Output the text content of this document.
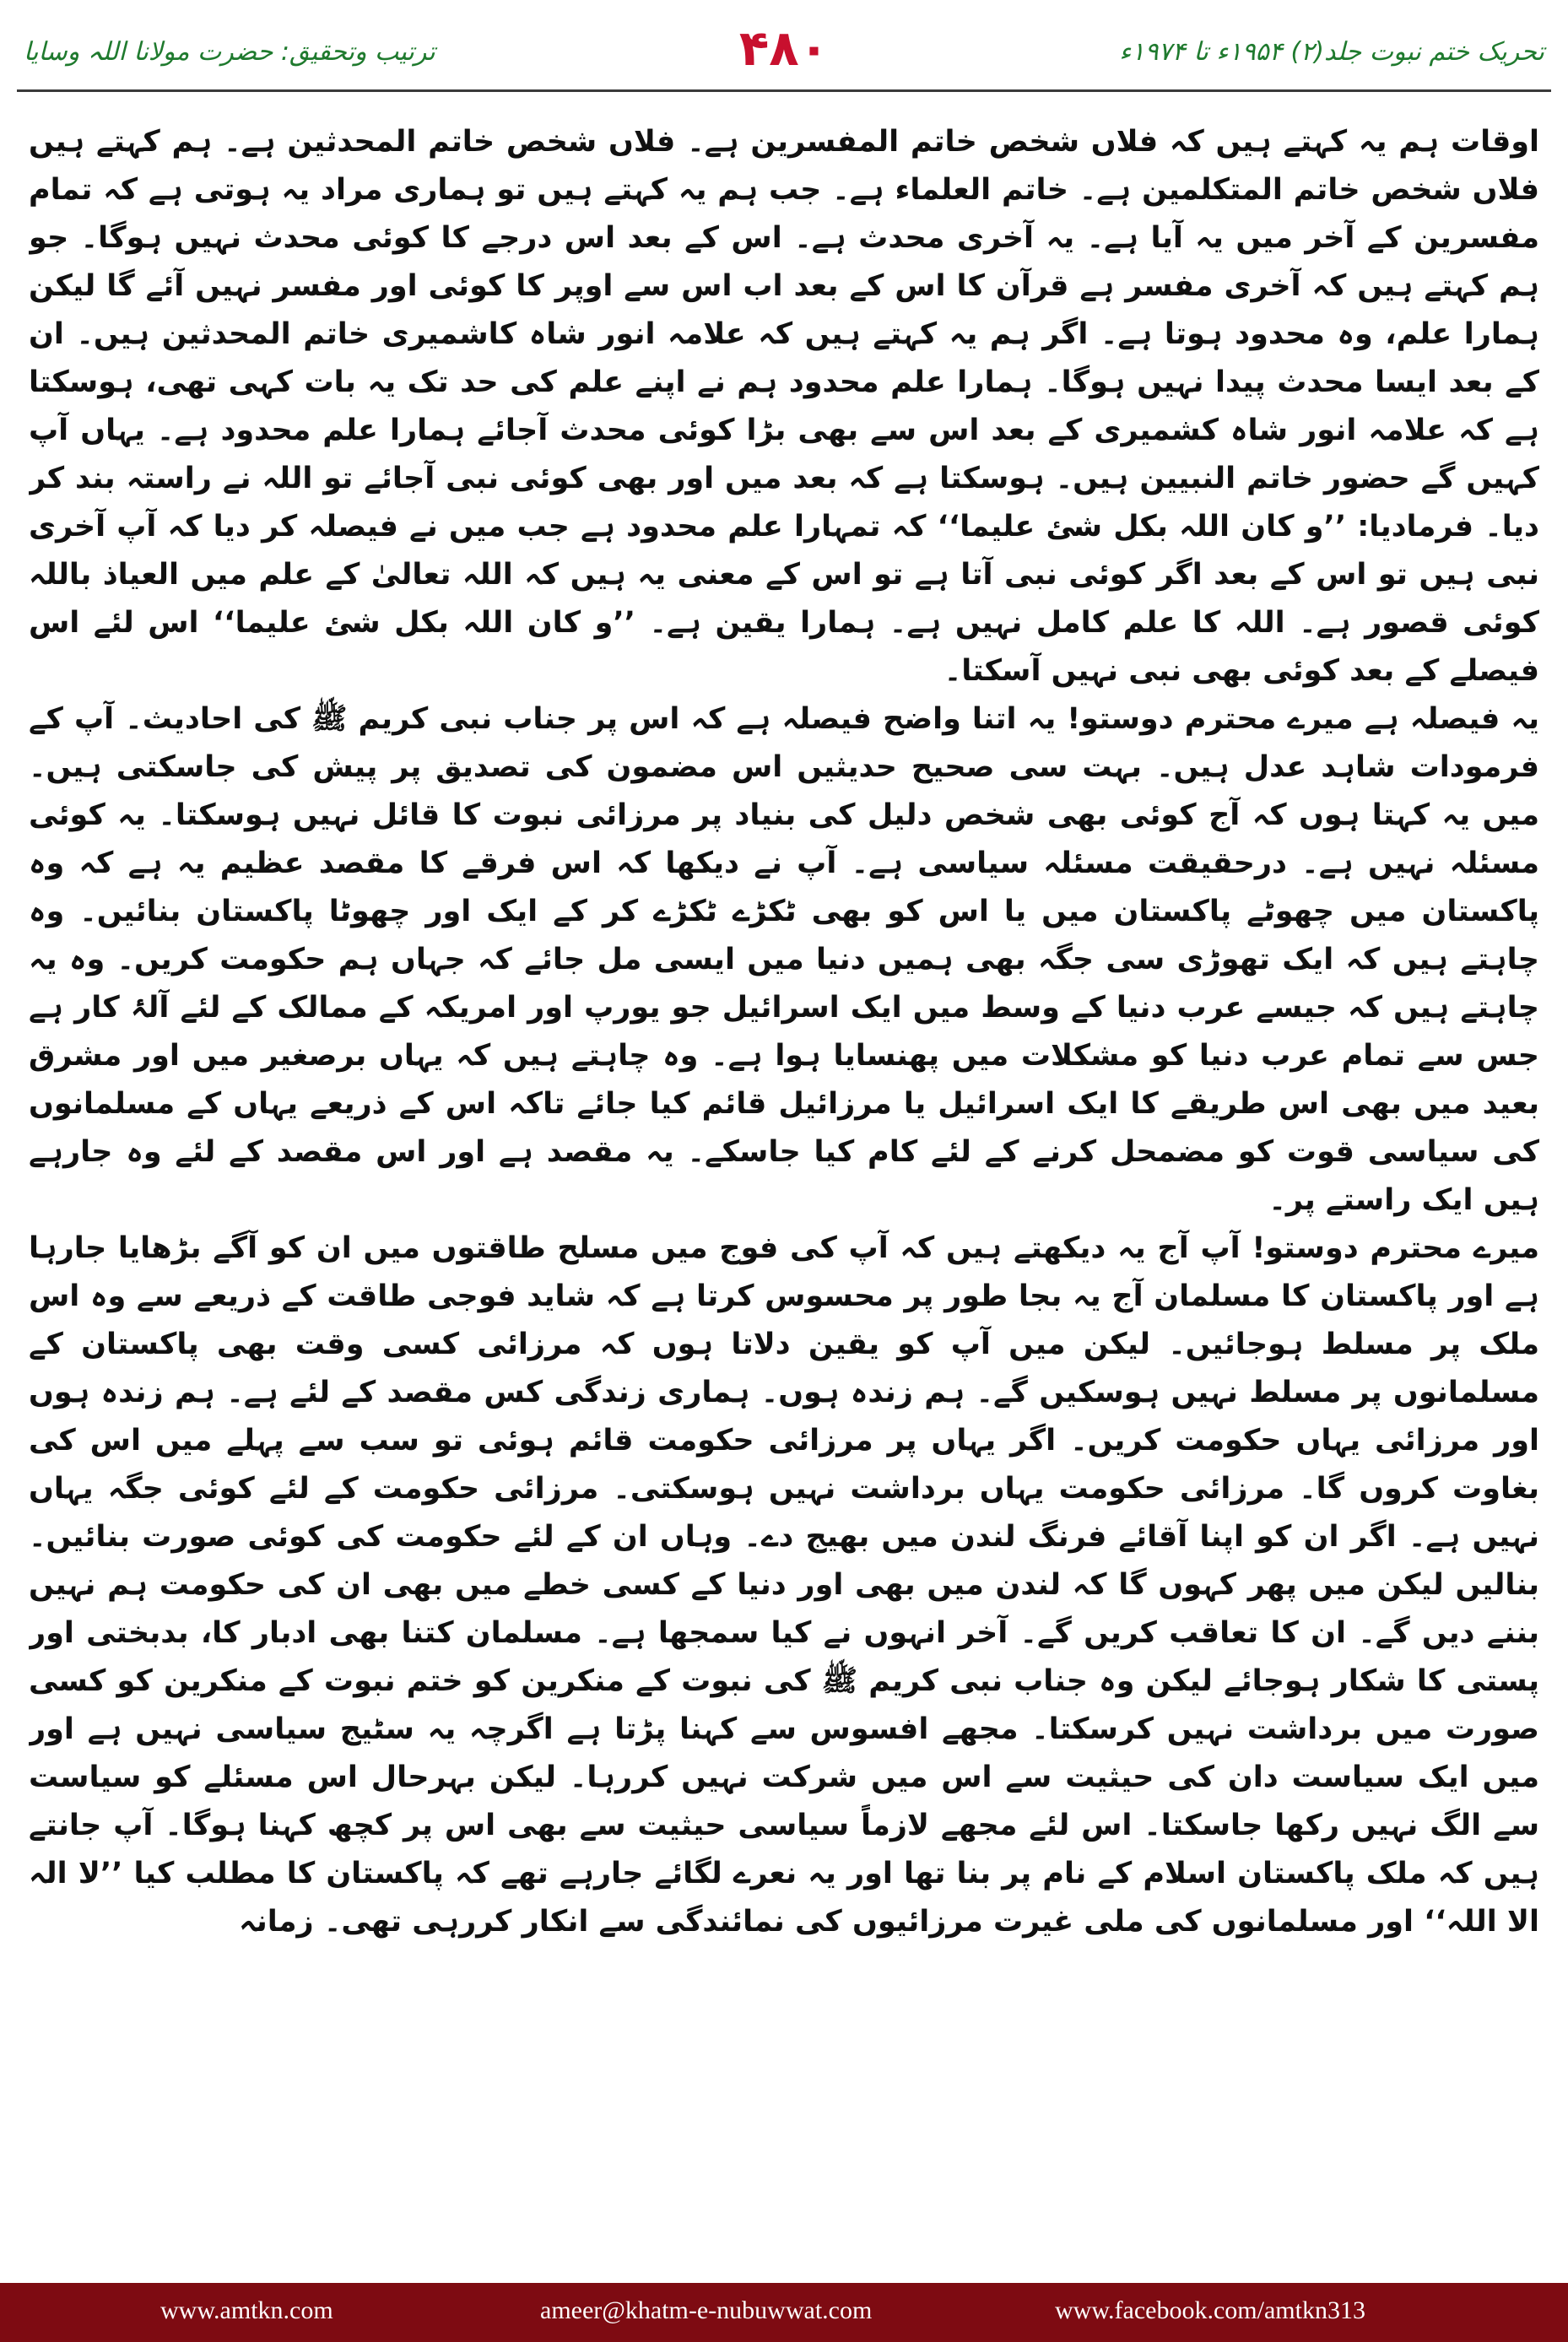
ترتیب وتحقیق: حضرت مولانا اللہ وسایا	۴۸۰	تحریک ختم نبوت جلد(۲) ۱۹۵۴ء تا ۱۹۷۴ء

اوقات ہم یہ کہتے ہیں کہ فلاں شخص خاتم المفسرین ہے۔ فلاں شخص خاتم المحدثین ہے۔ ہم کہتے ہیں فلاں شخص خاتم المتکلمین ہے۔ خاتم العلماء ہے۔ جب ہم یہ کہتے ہیں تو ہماری مراد یہ ہوتی ہے کہ تمام مفسرین کے آخر میں یہ آیا ہے۔ یہ آخری محدث ہے۔ اس کے بعد اس درجے کا کوئی محدث نہیں ہوگا۔ جو ہم کہتے ہیں کہ آخری مفسر ہے قرآن کا اس کے بعد اب اس سے اوپر کا کوئی اور مفسر نہیں آئے گا لیکن ہمارا علم، وہ محدود ہوتا ہے۔ اگر ہم یہ کہتے ہیں کہ علامہ انور شاہ کاشمیری خاتم المحدثین ہیں۔ ان کے بعد ایسا محدث پیدا نہیں ہوگا۔ ہمارا علم محدود ہم نے اپنے علم کی حد تک یہ بات کہی تھی، ہوسکتا ہے کہ علامہ انور شاہ کشمیری کے بعد اس سے بھی بڑا کوئی محدث آجائے ہمارا علم محدود ہے۔ یہاں آپ کہیں گے حضور خاتم النبیین ہیں۔ ہوسکتا ہے کہ بعد میں اور بھی کوئی نبی آجائے تو اللہ نے راستہ بند کر دیا۔ فرمادیا: ’’و کان اللہ بکل شئ علیما‘‘ کہ تمہارا علم محدود ہے جب میں نے فیصلہ کر دیا کہ آپ آخری نبی ہیں تو اس کے بعد اگر کوئی نبی آتا ہے تو اس کے معنی یہ ہیں کہ اللہ تعالیٰ کے علم میں العیاذ باللہ کوئی قصور ہے۔ اللہ کا علم کامل نہیں ہے۔ ہمارا یقین ہے۔ ’’و کان اللہ بکل شئ علیما‘‘ اس لئے اس فیصلے کے بعد کوئی بھی نبی نہیں آسکتا۔

یہ فیصلہ ہے میرے محترم دوستو! یہ اتنا واضح فیصلہ ہے کہ اس پر جناب نبی کریم ﷺ کی احادیث۔ آپ کے فرمودات شاہد عدل ہیں۔ بہت سی صحیح حدیثیں اس مضمون کی تصدیق پر پیش کی جاسکتی ہیں۔ میں یہ کہتا ہوں کہ آج کوئی بھی شخص دلیل کی بنیاد پر مرزائی نبوت کا قائل نہیں ہوسکتا۔ یہ کوئی مسئلہ نہیں ہے۔ درحقیقت مسئلہ سیاسی ہے۔ آپ نے دیکھا کہ اس فرقے کا مقصد عظیم یہ ہے کہ وہ پاکستان میں چھوٹے پاکستان میں یا اس کو بھی ٹکڑے ٹکڑے کر کے ایک اور چھوٹا پاکستان بنائیں۔ وہ چاہتے ہیں کہ ایک تھوڑی سی جگہ بھی ہمیں دنیا میں ایسی مل جائے کہ جہاں ہم حکومت کریں۔ وہ یہ چاہتے ہیں کہ جیسے عرب دنیا کے وسط میں ایک اسرائیل جو یورپ اور امریکہ کے ممالک کے لئے آلۂ کار ہے جس سے تمام عرب دنیا کو مشکلات میں پھنسایا ہوا ہے۔ وہ چاہتے ہیں کہ یہاں برصغیر میں اور مشرق بعید میں بھی اس طریقے کا ایک اسرائیل یا مرزائیل قائم کیا جائے تاکہ اس کے ذریعے یہاں کے مسلمانوں کی سیاسی قوت کو مضمحل کرنے کے لئے کام کیا جاسکے۔ یہ مقصد ہے اور اس مقصد کے لئے وہ جارہے ہیں ایک راستے پر۔

میرے محترم دوستو! آپ آج یہ دیکھتے ہیں کہ آپ کی فوج میں مسلح طاقتوں میں ان کو آگے بڑھایا جارہا ہے اور پاکستان کا مسلمان آج یہ بجا طور پر محسوس کرتا ہے کہ شاید فوجی طاقت کے ذریعے سے وہ اس ملک پر مسلط ہوجائیں۔ لیکن میں آپ کو یقین دلاتا ہوں کہ مرزائی کسی وقت بھی پاکستان کے مسلمانوں پر مسلط نہیں ہوسکیں گے۔ ہم زندہ ہوں۔ ہماری زندگی کس مقصد کے لئے ہے۔ ہم زندہ ہوں اور مرزائی یہاں حکومت کریں۔ اگر یہاں پر مرزائی حکومت قائم ہوئی تو سب سے پہلے میں اس کی بغاوت کروں گا۔ مرزائی حکومت یہاں برداشت نہیں ہوسکتی۔ مرزائی حکومت کے لئے کوئی جگہ یہاں نہیں ہے۔ اگر ان کو اپنا آقائے فرنگ لندن میں بھیج دے۔ وہاں ان کے لئے حکومت کی کوئی صورت بنائیں۔ بنالیں لیکن میں پھر کہوں گا کہ لندن میں بھی اور دنیا کے کسی خطے میں بھی ان کی حکومت ہم نہیں بننے دیں گے۔ ان کا تعاقب کریں گے۔ آخر انہوں نے کیا سمجھا ہے۔ مسلمان کتنا بھی ادبار کا، بدبختی اور پستی کا شکار ہوجائے لیکن وہ جناب نبی کریم ﷺ کی نبوت کے منکرین کو ختم نبوت کے منکرین کو کسی صورت میں برداشت نہیں کرسکتا۔ مجھے افسوس سے کہنا پڑتا ہے اگرچہ یہ سٹیج سیاسی نہیں ہے اور میں ایک سیاست دان کی حیثیت سے اس میں شرکت نہیں کررہا۔ لیکن بہرحال اس مسئلے کو سیاست سے الگ نہیں رکھا جاسکتا۔ اس لئے مجھے لازماً سیاسی حیثیت سے بھی اس پر کچھ کہنا ہوگا۔ آپ جانتے ہیں کہ ملک پاکستان اسلام کے نام پر بنا تھا اور یہ نعرے لگائے جارہے تھے کہ پاکستان کا مطلب کیا ’’لا الہ الا اللہ‘‘ اور مسلمانوں کی ملی غیرت مرزائیوں کی نمائندگی سے انکار کررہی تھی۔ زمانہ

www.amtkn.com	ameer@khatm-e-nubuwwat.com	www.facebook.com/amtkn313
